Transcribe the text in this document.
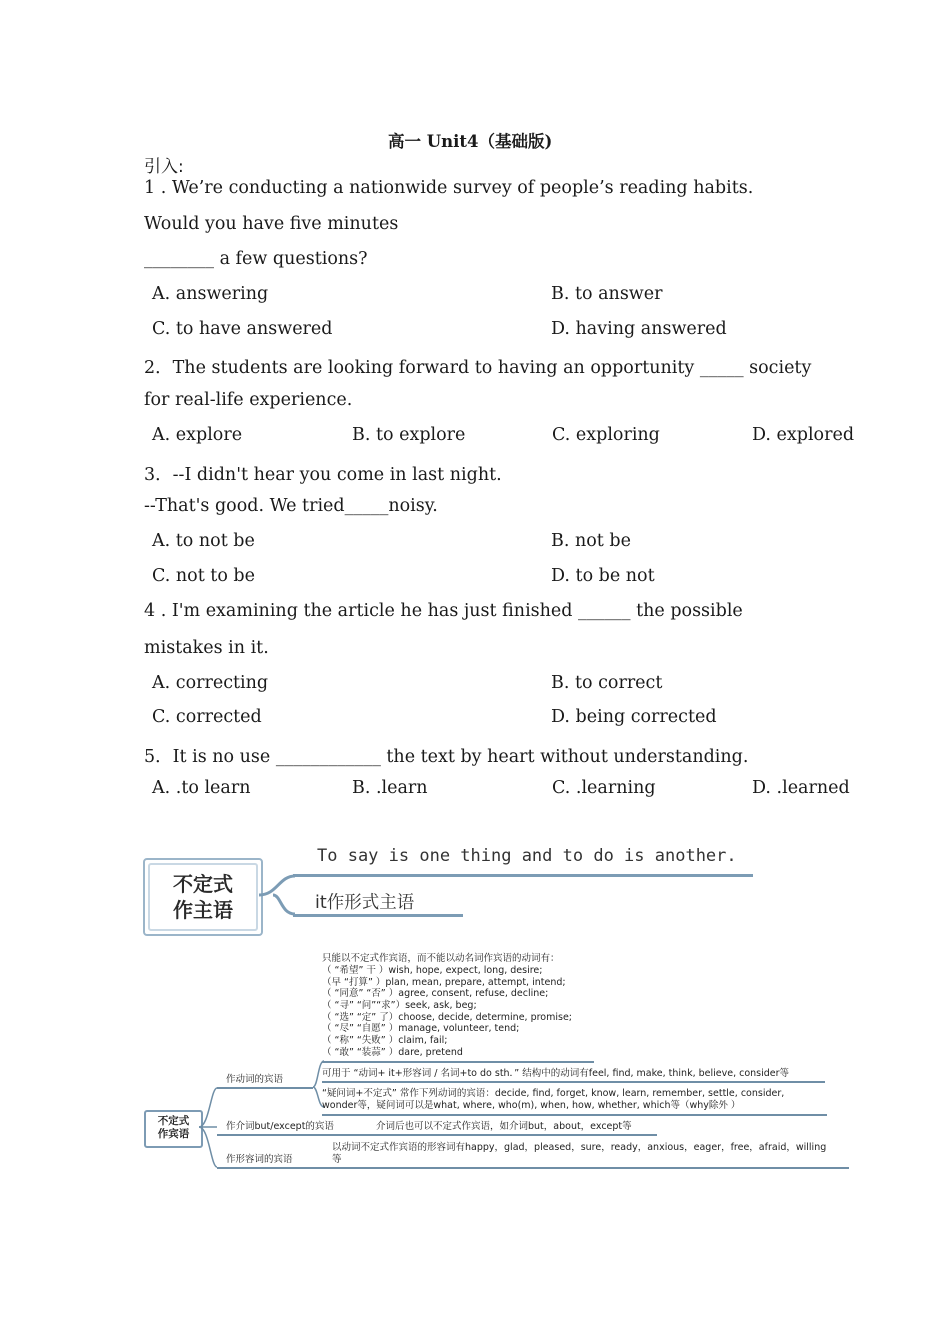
高一 Unit4（基础版)
引入:
1 . We’re conducting a nationwide survey of people’s reading habits.
Would you have five minutes
________ a few questions?
A. answering	B. to answer
C. to have answered	D. having answered
2．The students are looking forward to having an opportunity _____ society
for real-life experience.
A. explore	B. to explore	C. exploring	D. explored
3．--I didn't hear you come in last night.
--That's good. We tried_____noisy.
A. to not be	B. not be
C. not to be	D. to be not
4 . I'm examining the article he has just finished ______ the possible
mistakes in it.
A. correcting	B. to correct
C. corrected	D. being corrected
5．It is no use ____________ the text by heart without understanding.
A. .to learn	B. .learn	C. .learning	D. .learned
不定式
作主语
To say is one thing and to do is another.
it作形式主语
不定式
作宾语
作动词的宾语
只能以不定式作宾语，而不能以动名词作宾语的动词有：
（ “希望” 干 ）wish, hope, expect, long, desire;
（早 “打算” ）plan, mean, prepare, attempt, intend;
（ “同意” “否” ）agree, consent, refuse, decline;
（ “寻” “问”“求”）seek, ask, beg;
（ “选” “定” 了）choose, decide, determine, promise;
（ “尽” “自愿” ）manage, volunteer, tend;
（ “称” “失败” ）claim, fail;
（ “敢” “装蒜” ）dare, pretend
可用于 “动词+ it+形容词 / 名词+to do sth．” 结构中的动词有feel, find, make, think, believe, consider等
“疑问词+不定式” 常作下列动词的宾语：decide, find, forget, know, learn, remember, settle, consider,
wonder等，疑问词可以是what, where, who(m), when, how, whether, which等（why除外 ）
作介词but/except的宾语	介词后也可以不定式作宾语，如介词but，about，except等
作形容词的宾语
以动词不定式作宾语的形容词有happy，glad，pleased，sure，ready，anxious，eager，free，afraid，willing
等
